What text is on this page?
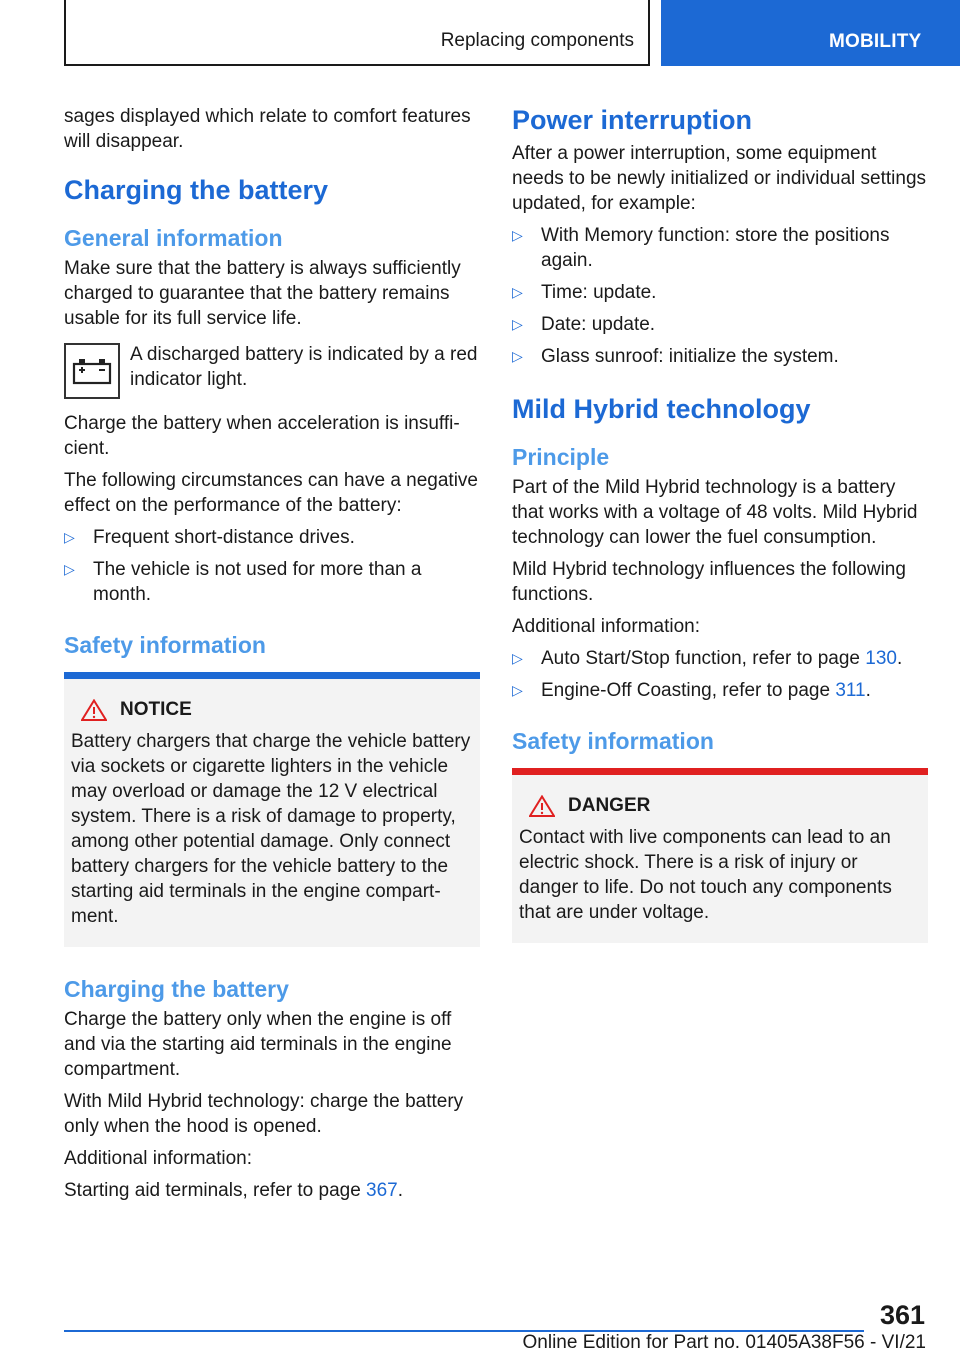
Replacing components	MOBILITY

sages displayed which relate to comfort features will disappear.

Charging the battery
General information

Make sure that the battery is always sufficiently charged to guarantee that the battery remains usable for its full service life.

A discharged battery is indicated by a red indicator light.

Charge the battery when acceleration is insufficient.

The following circumstances can have a negative effect on the performance of the battery:

▷ Frequent short-distance drives.
▷ The vehicle is not used for more than a month.
Safety information
NOTICE

Battery chargers that charge the vehicle battery via sockets or cigarette lighters in the vehicle may overload or damage the 12 V electrical system. There is a risk of damage to property, among other potential damage. Only connect battery chargers for the vehicle battery to the starting aid terminals in the engine compartment.

Charging the battery

Charge the battery only when the engine is off and via the starting aid terminals in the engine compartment.

With Mild Hybrid technology: charge the battery only when the hood is opened.

Additional information:

Starting aid terminals, refer to page 367.

Power interruption

After a power interruption, some equipment needs to be newly initialized or individual settings updated, for example:

▷ With Memory function: store the positions again.
▷ Time: update.
▷ Date: update.
▷ Glass sunroof: initialize the system.
Mild Hybrid technology
Principle

Part of the Mild Hybrid technology is a battery that works with a voltage of 48 volts. Mild Hybrid technology can lower the fuel consumption.

Mild Hybrid technology influences the following functions.

Additional information:

▷ Auto Start/Stop function, refer to page 130.
▷ Engine-Off Coasting, refer to page 311.
Safety information
DANGER

Contact with live components can lead to an electric shock. There is a risk of injury or danger to life. Do not touch any components that are under voltage.

361
Online Edition for Part no. 01405A38F56 - VI/21
